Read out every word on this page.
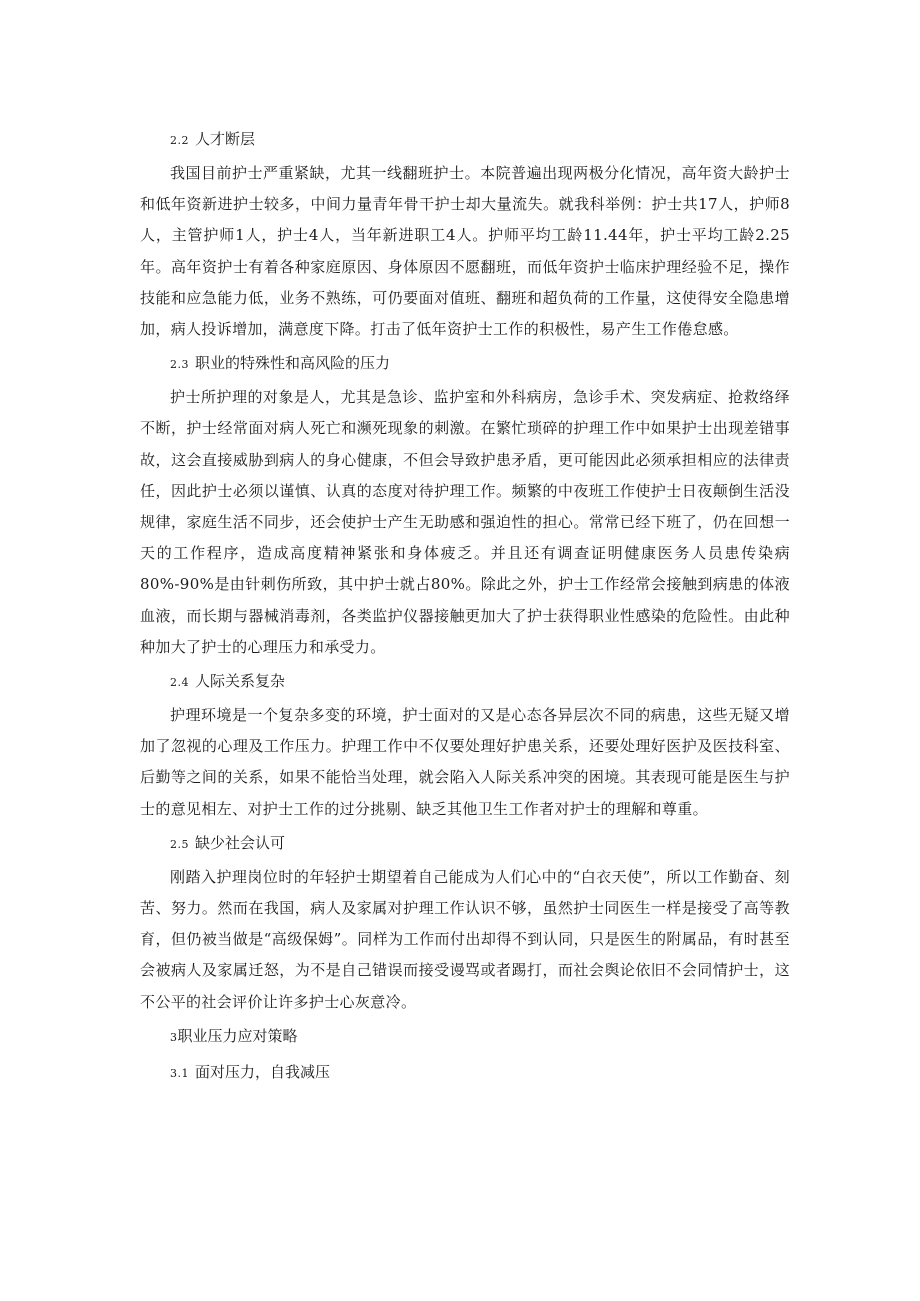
2.2 人才断层

我国目前护士严重紧缺，尤其一线翻班护士。本院普遍出现两极分化情况，高年资大龄护士和低年资新进护士较多，中间力量青年骨干护士却大量流失。就我科举例：护士共17人，护师8人，主管护师1人，护士4人，当年新进职工4人。护师平均工龄11.44年，护士平均工龄2.25年。高年资护士有着各种家庭原因、身体原因不愿翻班，而低年资护士临床护理经验不足，操作技能和应急能力低，业务不熟练，可仍要面对值班、翻班和超负荷的工作量，这使得安全隐患增加，病人投诉增加，满意度下降。打击了低年资护士工作的积极性，易产生工作倦怠感。

2.3 职业的特殊性和高风险的压力

护士所护理的对象是人，尤其是急诊、监护室和外科病房，急诊手术、突发病症、抢救络绎不断，护士经常面对病人死亡和濒死现象的刺激。在繁忙琐碎的护理工作中如果护士出现差错事故，这会直接威胁到病人的身心健康，不但会导致护患矛盾，更可能因此必须承担相应的法律责任，因此护士必须以谨慎、认真的态度对待护理工作。频繁的中夜班工作使护士日夜颠倒生活没规律，家庭生活不同步，还会使护士产生无助感和强迫性的担心。常常已经下班了，仍在回想一天的工作程序，造成高度精神紧张和身体疲乏。并且还有调查证明健康医务人员患传染病80%-90%是由针刺伤所致，其中护士就占80%。除此之外，护士工作经常会接触到病患的体液血液，而长期与器械消毒剂，各类监护仪器接触更加大了护士获得职业性感染的危险性。由此种种加大了护士的心理压力和承受力。

2.4 人际关系复杂

护理环境是一个复杂多变的环境，护士面对的又是心态各异层次不同的病患，这些无疑又增加了忽视的心理及工作压力。护理工作中不仅要处理好护患关系，还要处理好医护及医技科室、后勤等之间的关系，如果不能恰当处理，就会陷入人际关系冲突的困境。其表现可能是医生与护士的意见相左、对护士工作的过分挑剔、缺乏其他卫生工作者对护士的理解和尊重。

2.5 缺少社会认可

刚踏入护理岗位时的年轻护士期望着自己能成为人们心中的“白衣天使”，所以工作勤奋、刻苦、努力。然而在我国，病人及家属对护理工作认识不够，虽然护士同医生一样是接受了高等教育，但仍被当做是“高级保姆”。同样为工作而付出却得不到认同，只是医生的附属品，有时甚至会被病人及家属迁怒，为不是自己错误而接受谩骂或者踢打，而社会舆论依旧不会同情护士，这不公平的社会评价让许多护士心灰意冷。

3职业压力应对策略

3.1 面对压力，自我减压
